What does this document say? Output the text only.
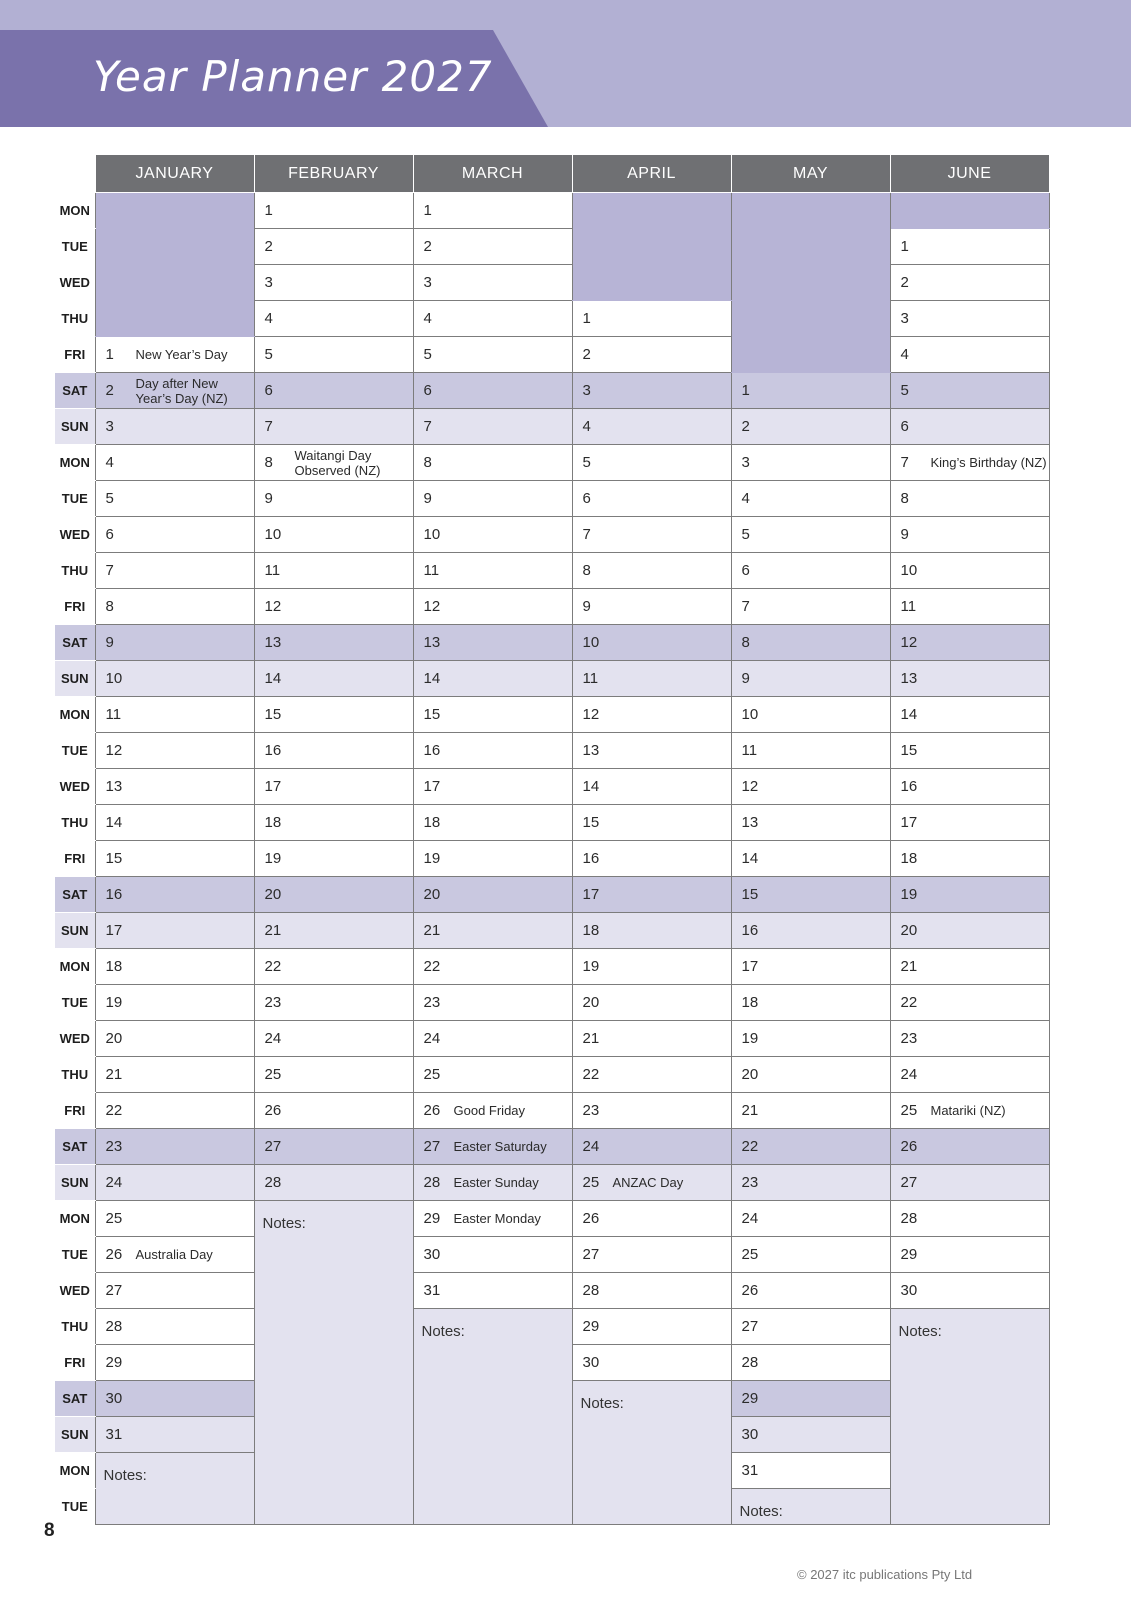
Year Planner 2027
	JANUARY	FEBRUARY	MARCH	APRIL	MAY	JUNE
MON		1	1			

TUE		2	2			1

WED		3	3			2

THU		4	4	1		3

FRI	1 New Year’s Day	5	5	2		4

SAT	2 Day after New Year’s Day (NZ)	6	6	3	1	5

SUN	3	7	7	4	2	6

MON	4	8 Waitangi Day Observed (NZ)	8	5	3	7 King’s Birthday (NZ)

TUE	5	9	9	6	4	8

WED	6	10	10	7	5	9

THU	7	11	11	8	6	10

FRI	8	12	12	9	7	11

SAT	9	13	13	10	8	12

SUN	10	14	14	11	9	13

MON	11	15	15	12	10	14

TUE	12	16	16	13	11	15

WED	13	17	17	14	12	16

THU	14	18	18	15	13	17

FRI	15	19	19	16	14	18

SAT	16	20	20	17	15	19

SUN	17	21	21	18	16	20

MON	18	22	22	19	17	21

TUE	19	23	23	20	18	22

WED	20	24	24	21	19	23

THU	21	25	25	22	20	24

FRI	22	26	26 Good Friday	23	21	25 Matariki (NZ)

SAT	23	27	27 Easter Saturday	24	22	26

SUN	24	28	28 Easter Sunday	25 ANZAC Day	23	27

MON	25	Notes:	29 Easter Monday	26	24	28

TUE	26 Australia Day		30	27	25	29

WED	27		31	28	26	30

THU	28		Notes:	29	27	Notes:
FRI	29			30	28	

SAT	30			Notes:	29	

SUN	31				30	

MON	Notes:				31	

TUE					Notes:	
8
© 2027 itc publications Pty Ltd
